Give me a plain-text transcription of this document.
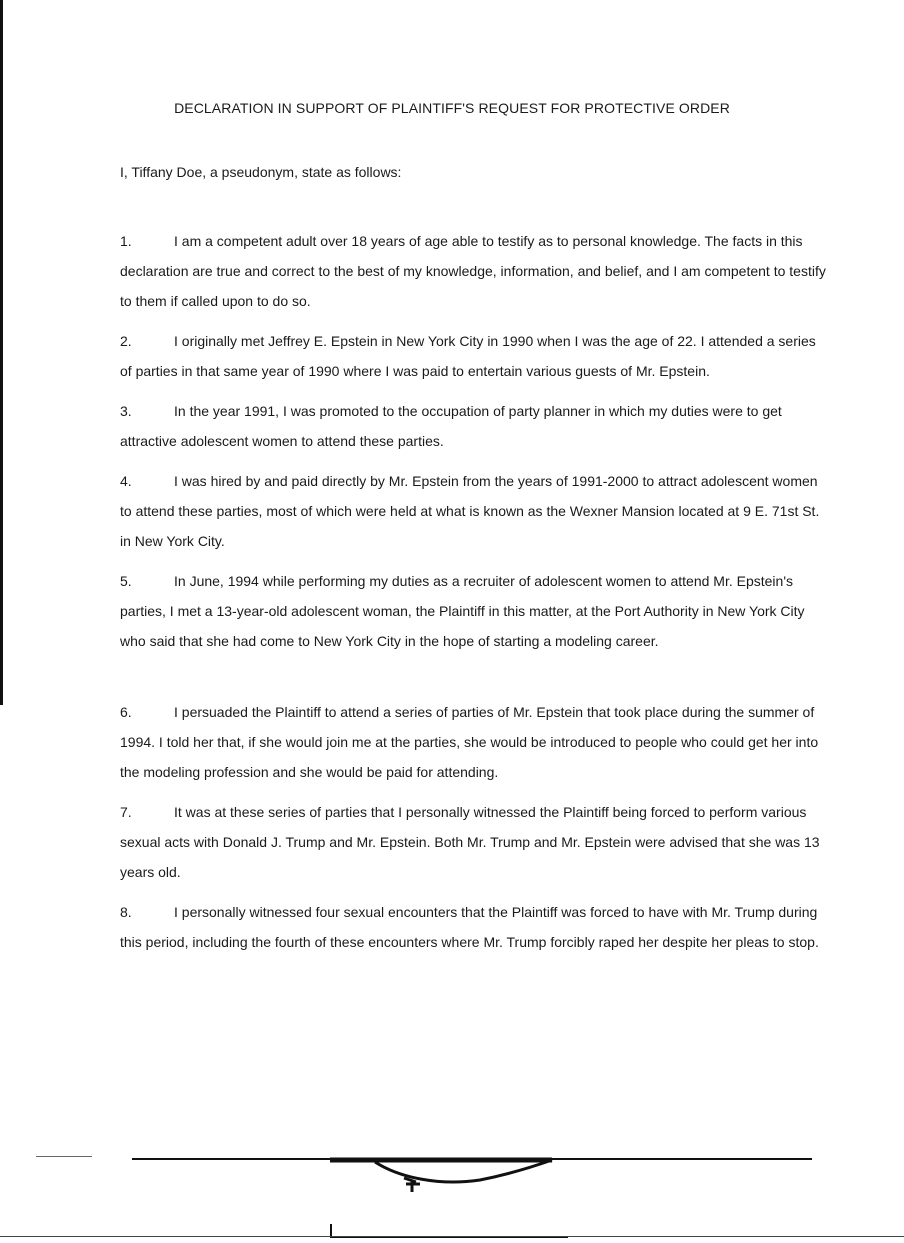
DECLARATION IN SUPPORT OF PLAINTIFF'S REQUEST FOR PROTECTIVE ORDER
I, Tiffany Doe, a pseudonym, state as follows:
1.	I am a competent adult over 18 years of age able to testify as to personal knowledge. The facts in this declaration are true and correct to the best of my knowledge, information, and belief, and I am competent to testify to them if called upon to do so.
2.	I originally met Jeffrey E. Epstein in New York City in 1990 when I was the age of 22. I attended a series of parties in that same year of 1990 where I was paid to entertain various guests of Mr. Epstein.
3.	In the year 1991, I was promoted to the occupation of party planner in which my duties were to get attractive adolescent women to attend these parties.
4.	I was hired by and paid directly by Mr. Epstein from the years of 1991-2000 to attract adolescent women to attend these parties, most of which were held at what is known as the Wexner Mansion located at 9 E. 71st St. in New York City.
5.	In June, 1994 while performing my duties as a recruiter of adolescent women to attend Mr. Epstein's parties, I met a 13-year-old adolescent woman, the Plaintiff in this matter, at the Port Authority in New York City who said that she had come to New York City in the hope of starting a modeling career.
6.	I persuaded the Plaintiff to attend a series of parties of Mr. Epstein that took place during the summer of 1994. I told her that, if she would join me at the parties, she would be introduced to people who could get her into the modeling profession and she would be paid for attending.
7.	It was at these series of parties that I personally witnessed the Plaintiff being forced to perform various sexual acts with Donald J. Trump and Mr. Epstein. Both Mr. Trump and Mr. Epstein were advised that she was 13 years old.
8.	I personally witnessed four sexual encounters that the Plaintiff was forced to have with Mr. Trump during this period, including the fourth of these encounters where Mr. Trump forcibly raped her despite her pleas to stop.
